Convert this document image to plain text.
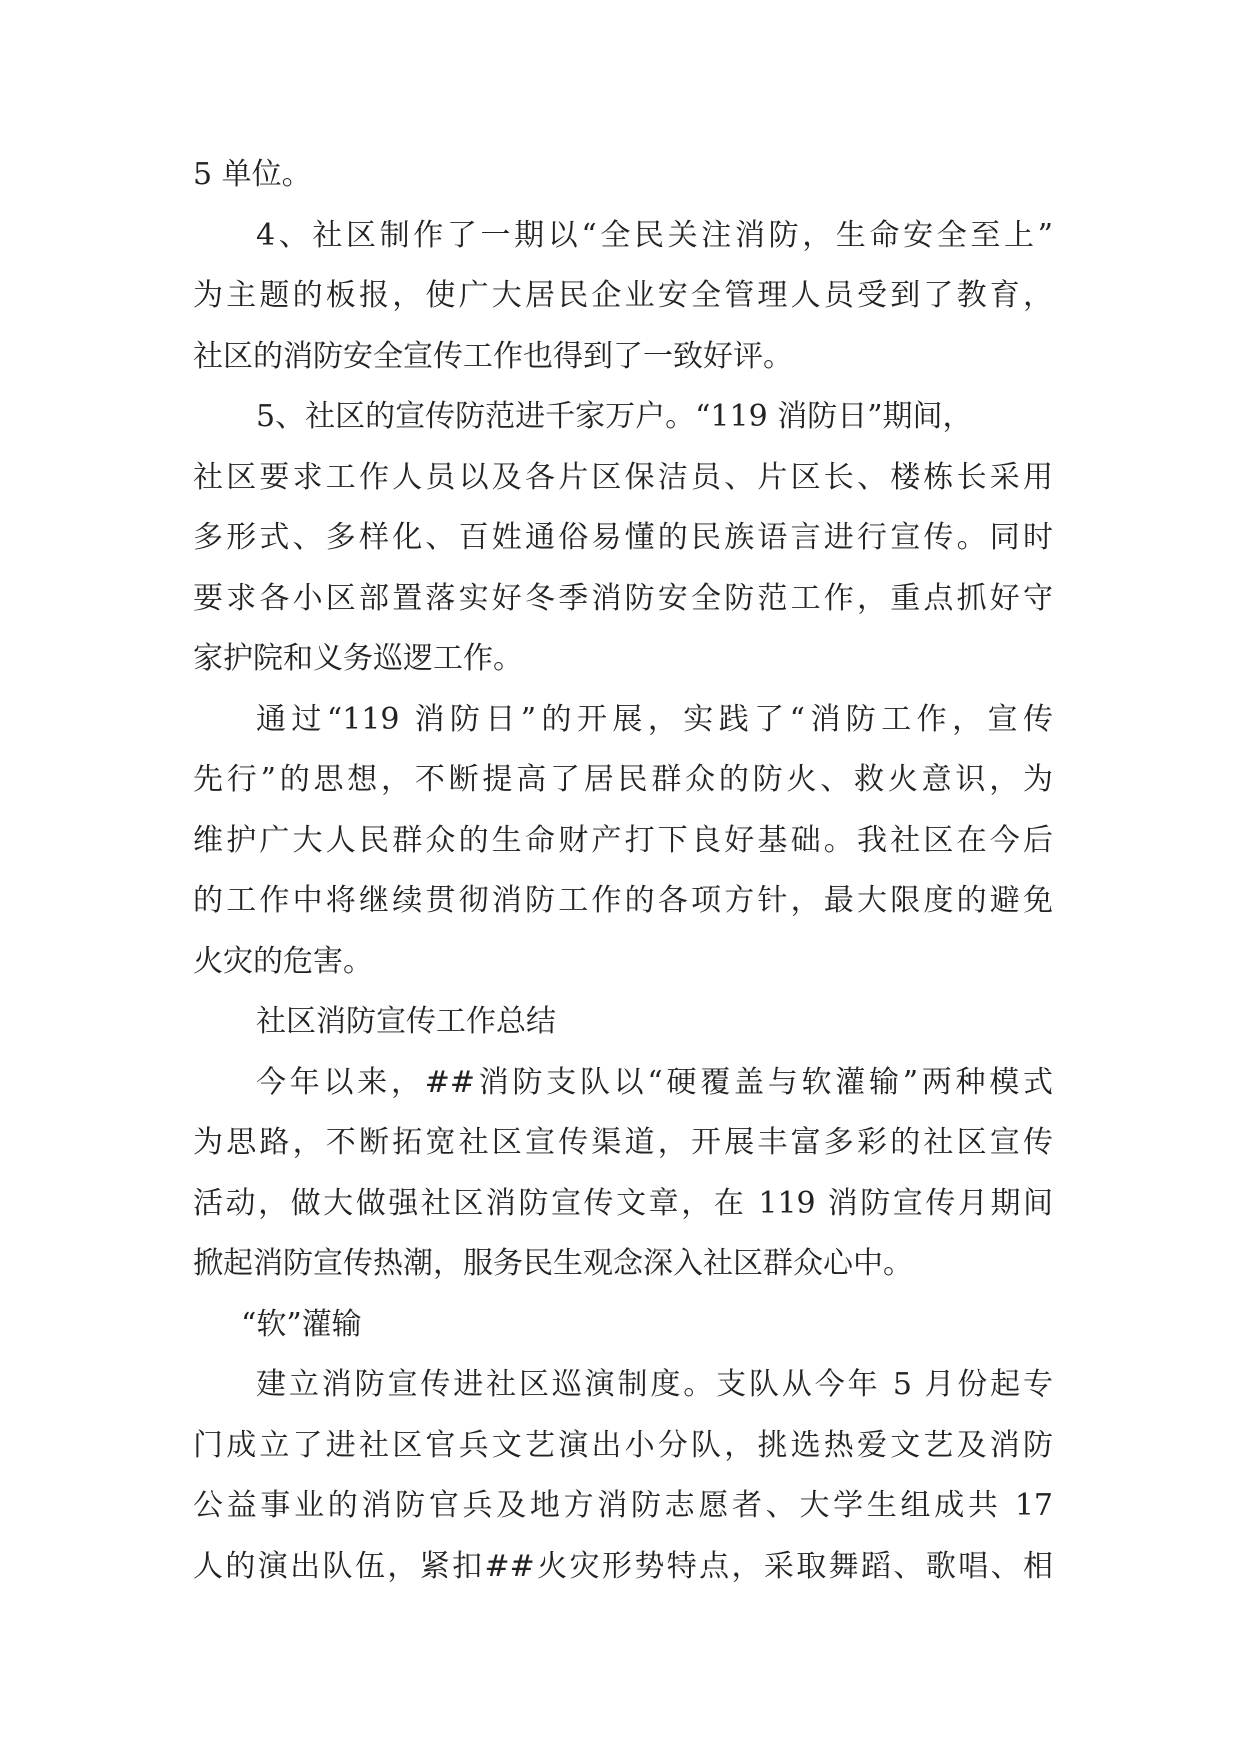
5 单位。
4、社区制作了一期以“全民关注消防，生命安全至上”
为主题的板报，使广大居民企业安全管理人员受到了教育，
社区的消防安全宣传工作也得到了一致好评。
5、社区的宣传防范进千家万户。“119 消防日”期间，
社区要求工作人员以及各片区保洁员、片区长、楼栋长采用
多形式、多样化、百姓通俗易懂的民族语言进行宣传。同时
要求各小区部置落实好冬季消防安全防范工作，重点抓好守
家护院和义务巡逻工作。
通过“119 消防日”的开展，实践了“消防工作，宣传
先行”的思想，不断提高了居民群众的防火、救火意识，为
维护广大人民群众的生命财产打下良好基础。我社区在今后
的工作中将继续贯彻消防工作的各项方针，最大限度的避免
火灾的危害。
社区消防宣传工作总结
今年以来，##消防支队以“硬覆盖与软灌输”两种模式
为思路，不断拓宽社区宣传渠道，开展丰富多彩的社区宣传
活动，做大做强社区消防宣传文章，在 119 消防宣传月期间
掀起消防宣传热潮，服务民生观念深入社区群众心中。
“软”灌输
建立消防宣传进社区巡演制度。支队从今年 5 月份起专
门成立了进社区官兵文艺演出小分队，挑选热爱文艺及消防
公益事业的消防官兵及地方消防志愿者、大学生组成共 17
人的演出队伍，紧扣##火灾形势特点，采取舞蹈、歌唱、相
